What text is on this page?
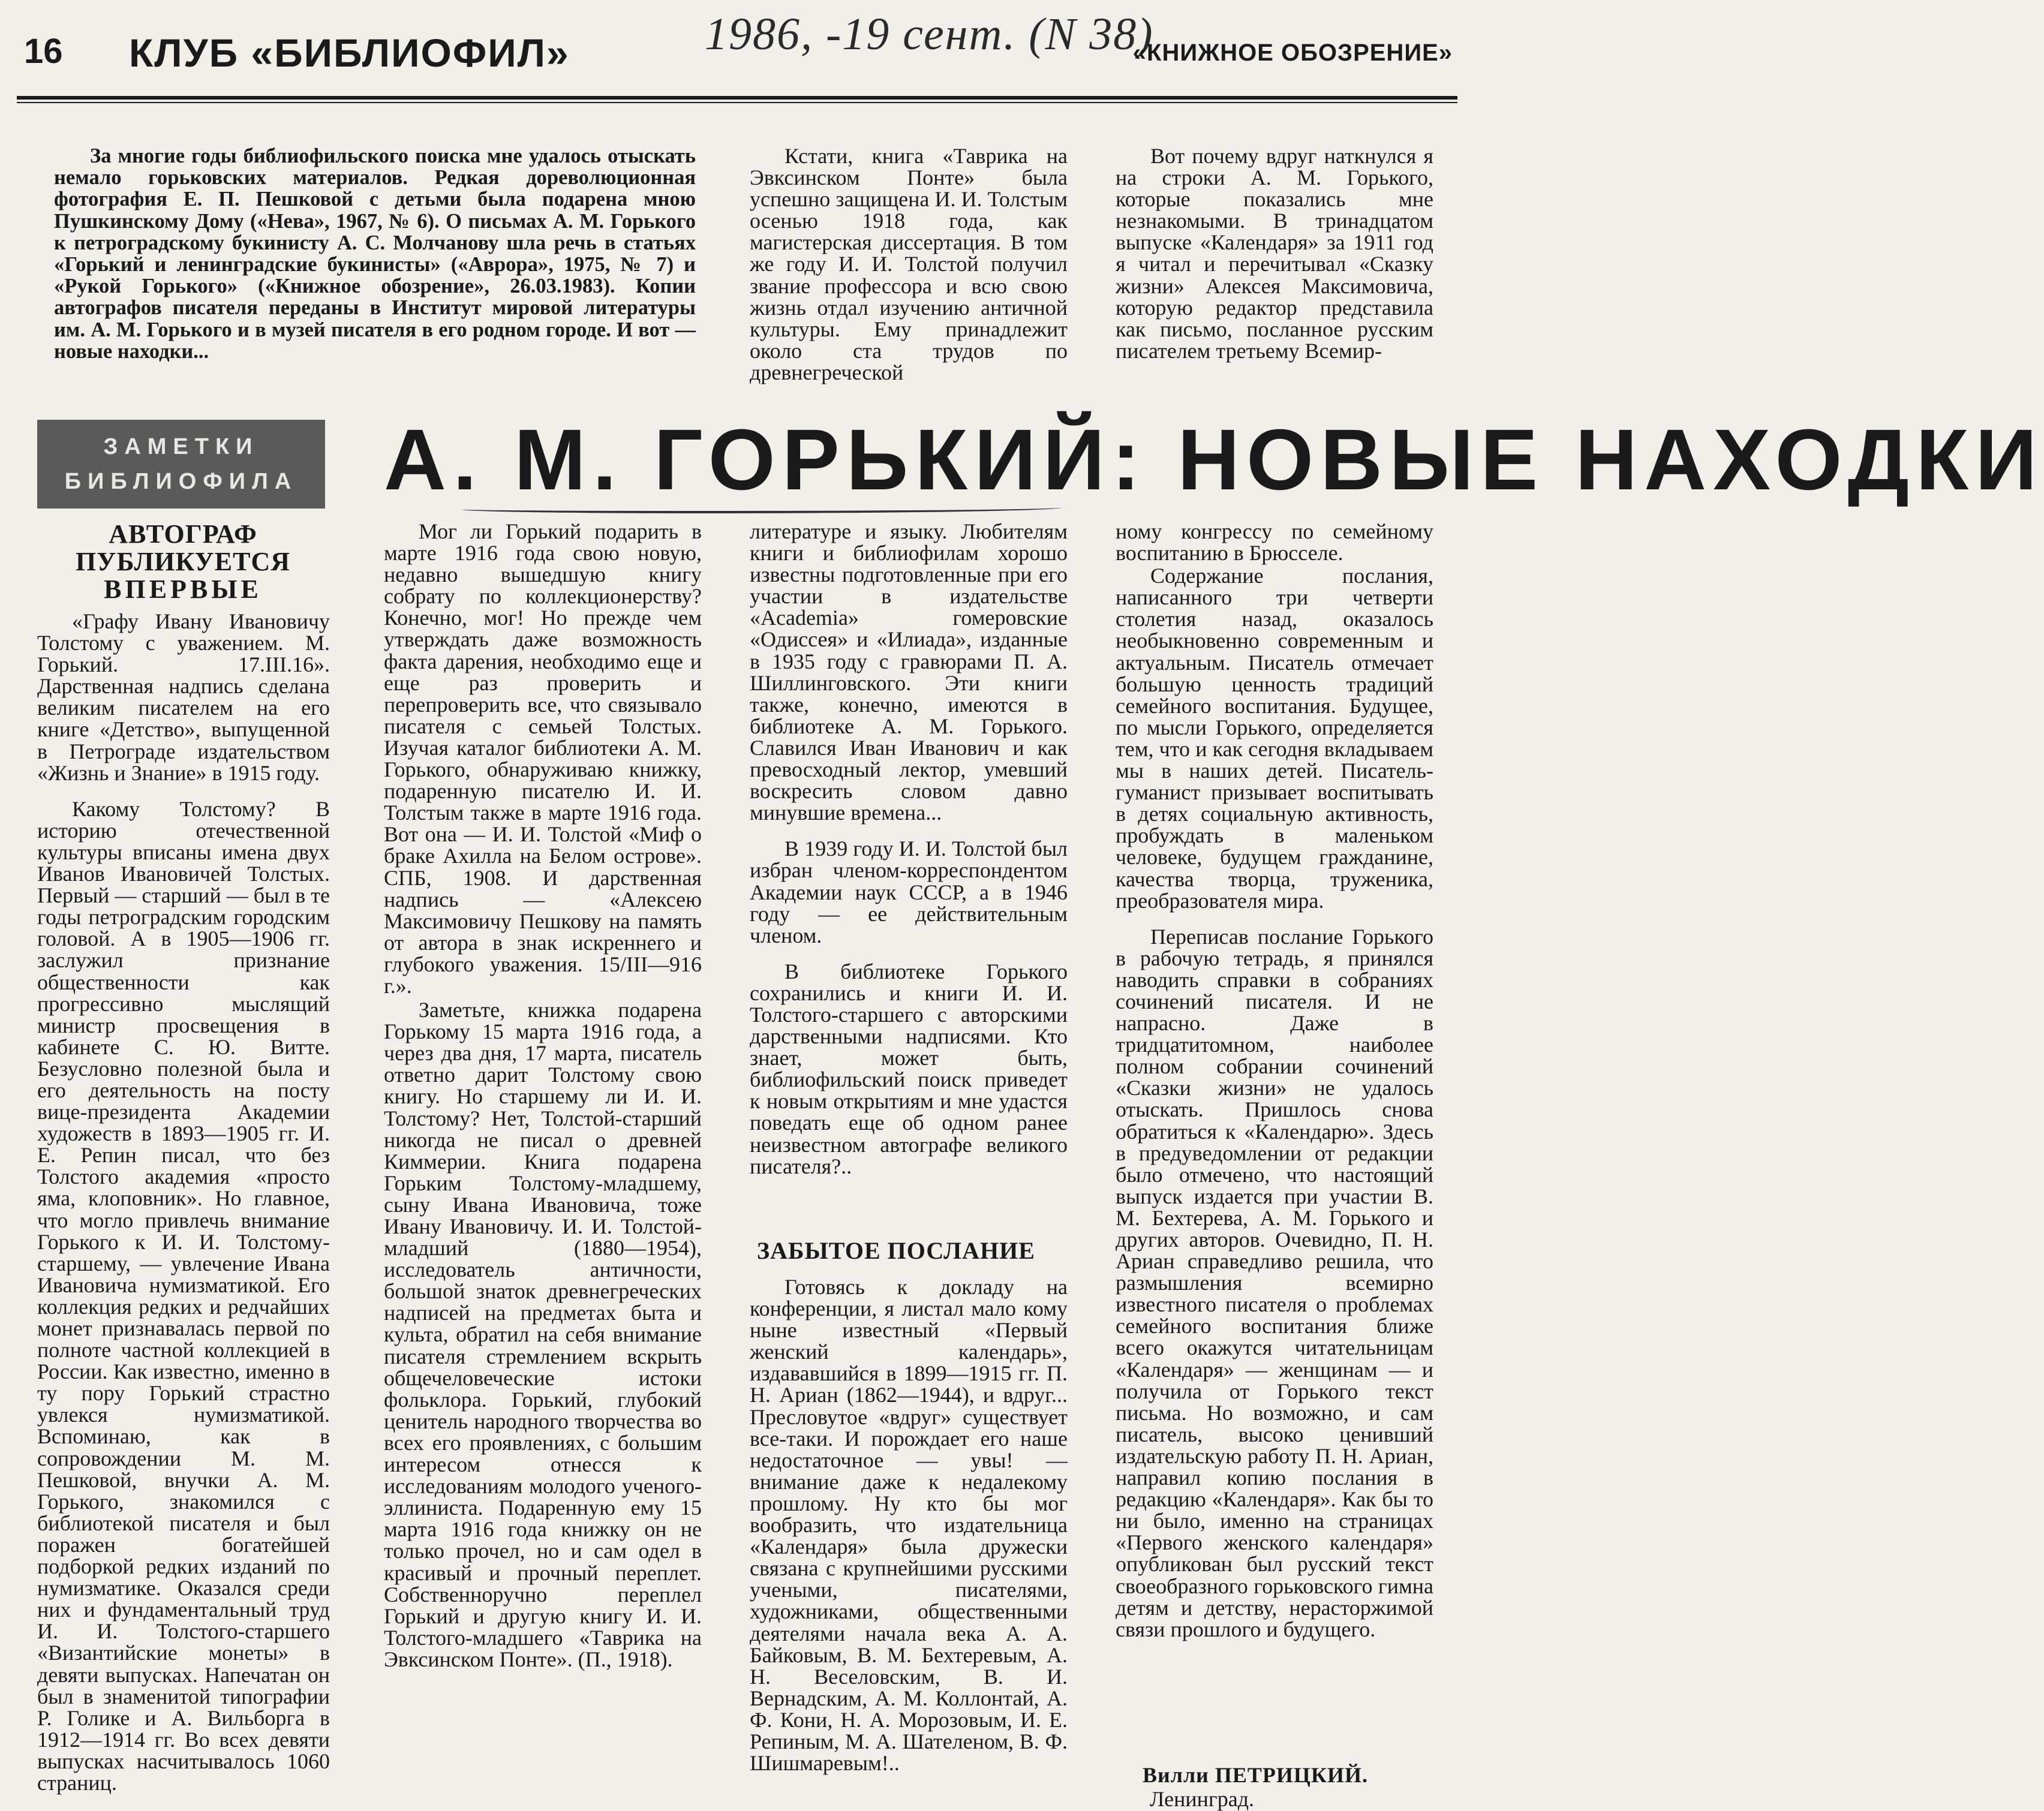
16 КЛУБ «БИБЛИОФИЛ»	1986, -19 сент. (N 38)
«КНИЖНОЕ ОБОЗРЕНИЕ»

За многие годы библиофильского поиска мне удалось отыскать немало горьковских материалов. Редкая дореволюционная фотография Е. П. Пешковой с детьми была подарена мною Пушкинскому Дому («Нева», 1967, № 6). О письмах А. М. Горького к петроградскому букинисту А. С. Молчанову шла речь в статьях «Горький и ленинградские букинисты» («Аврора», 1975, № 7) и «Рукой Горького» («Книжное обозрение», 26.03.1983). Копии автографов писателя переданы в Институт мировой литературы им. А. М. Горького и в музей писателя в его родном городе. И вот — новые находки...

Кстати, книга «Таврика на Эвксинском Понте» была успешно защищена И. И. Толстым осенью 1918 года, как магистерская диссертация. В том же году И. И. Толстой получил звание профессора и всю свою жизнь отдал изучению античной культуры. Ему принадлежит около ста трудов по древнегреческой

Вот почему вдруг наткнулся я на строки А. М. Горького, которые показались мне незнакомыми. В тринадцатом выпуске «Календаря» за 1911 год я читал и перечитывал «Сказку жизни» Алексея Максимовича, которую редактор представила как письмо, посланное русским писателем третьему Всемир-

ЗАМЕТКИ
БИБЛИОФИЛА А. М. ГОРЬКИЙ: НОВЫЕ НАХОДКИ
АВТОГРАФ
ПУБЛИКУЕТСЯ
ВПЕРВЫЕ

«Графу Ивану Ивановичу Толстому с уважением. М. Горький. 17.III.16». Дарственная надпись сделана великим писателем на его книге «Детство», выпущенной в Петрограде издательством «Жизнь и Знание» в 1915 году.

Какому Толстому? В историю отечественной культуры вписаны имена двух Иванов Ивановичей Толстых. Первый — старший — был в те годы петроградским городским головой. А в 1905—1906 гг. заслужил признание общественности как прогрессивно мыслящий министр просвещения в кабинете С. Ю. Витте. Безусловно полезной была и его деятельность на посту вице-президента Академии художеств в 1893—1905 гг. И. Е. Репин писал, что без Толстого академия «просто яма, клоповник». Но главное, что могло привлечь внимание Горького к И. И. Толстому-старшему, — увлечение Ивана Ивановича нумизматикой. Его коллекция редких и редчайших монет признавалась первой по полноте частной коллекцией в России. Как известно, именно в ту пору Горький страстно увлекся нумизматикой. Вспоминаю, как в сопровождении М. М. Пешковой, внучки А. М. Горького, знакомился с библиотекой писателя и был поражен богатейшей подборкой редких изданий по нумизматике. Оказался среди них и фундаментальный труд И. И. Толстого-старшего «Византийские монеты» в девяти выпусках. Напечатан он был в знаменитой типографии Р. Голике и А. Вильборга в 1912—1914 гг. Во всех девяти выпусках насчитывалось 1060 страниц.

Мог ли Горький подарить в марте 1916 года свою новую, недавно вышедшую книгу собрату по коллекционерству? Конечно, мог! Но прежде чем утверждать даже возможность факта дарения, необходимо еще и еще раз проверить и перепроверить все, что связывало писателя с семьей Толстых. Изучая каталог библиотеки А. М. Горького, обнаруживаю книжку, подаренную писателю И. И. Толстым также в марте 1916 года. Вот она — И. И. Толстой «Миф о браке Ахилла на Белом острове». СПБ, 1908. И дарственная надпись — «Алексею Максимовичу Пешкову на память от автора в знак искреннего и глубокого уважения. 15/III—916 г.».

Заметьте, книжка подарена Горькому 15 марта 1916 года, а через два дня, 17 марта, писатель ответно дарит Толстому свою книгу. Но старшему ли И. И. Толстому? Нет, Толстой-старший никогда не писал о древней Киммерии. Книга подарена Горьким Толстому-младшему, сыну Ивана Ивановича, тоже Ивану Ивановичу. И. И. Толстой-младший (1880—1954), исследователь античности, большой знаток древнегреческих надписей на предметах быта и культа, обратил на себя внимание писателя стремлением вскрыть общечеловеческие истоки фольклора. Горький, глубокий ценитель народного творчества во всех его проявлениях, с большим интересом отнесся к исследованиям молодого ученого-эллиниста. Подаренную ему 15 марта 1916 года книжку он не только прочел, но и сам одел в красивый и прочный переплет. Собственноручно переплел Горький и другую книгу И. И. Толстого-младшего «Таврика на Эвксинском Понте». (П., 1918).

литературе и языку. Любителям книги и библиофилам хорошо известны подготовленные при его участии в издательстве «Academia» гомеровские «Одиссея» и «Илиада», изданные в 1935 году с гравюрами П. А. Шиллинговского. Эти книги также, конечно, имеются в библиотеке А. М. Горького. Славился Иван Иванович и как превосходный лектор, умевший воскресить словом давно минувшие времена...

В 1939 году И. И. Толстой был избран членом-корреспондентом Академии наук СССР, а в 1946 году — ее действительным членом.

В библиотеке Горького сохранились и книги И. И. Толстого-старшего с авторскими дарственными надписями. Кто знает, может быть, библиофильский поиск приведет к новым открытиям и мне удастся поведать еще об одном ранее неизвестном автографе великого писателя?..

ЗАБЫТОЕ ПОСЛАНИЕ

Готовясь к докладу на конференции, я листал мало кому ныне известный «Первый женский календарь», издававшийся в 1899—1915 гг. П. Н. Ариан (1862—1944), и вдруг... Пресловутое «вдруг» существует все-таки. И порождает его наше недостаточное — увы! — внимание даже к недалекому прошлому. Ну кто бы мог вообразить, что издательница «Календаря» была дружески связана с крупнейшими русскими учеными, писателями, художниками, общественными деятелями начала века А. А. Байковым, В. М. Бехтеревым, А. Н. Веселовским, В. И. Вернадским, А. М. Коллонтай, А. Ф. Кони, Н. А. Морозовым, И. Е. Репиным, М. А. Шателеном, В. Ф. Шишмаревым!..

ному конгрессу по семейному воспитанию в Брюсселе.

Содержание послания, написанного три четверти столетия назад, оказалось необыкновенно современным и актуальным. Писатель отмечает большую ценность традиций семейного воспитания. Будущее, по мысли Горького, определяется тем, что и как сегодня вкладываем мы в наших детей. Писатель-гуманист призывает воспитывать в детях социальную активность, пробуждать в маленьком человеке, будущем гражданине, качества творца, труженика, преобразователя мира.

Переписав послание Горького в рабочую тетрадь, я принялся наводить справки в собраниях сочинений писателя. И не напрасно. Даже в тридцатитомном, наиболее полном собрании сочинений «Сказки жизни» не удалось отыскать. Пришлось снова обратиться к «Календарю». Здесь в предуведомлении от редакции было отмечено, что настоящий выпуск издается при участии В. М. Бехтерева, А. М. Горького и других авторов. Очевидно, П. Н. Ариан справедливо решила, что размышления всемирно известного писателя о проблемах семейного воспитания ближе всего окажутся читательницам «Календаря» — женщинам — и получила от Горького текст письма. Но возможно, и сам писатель, высоко ценивший издательскую работу П. Н. Ариан, направил копию послания в редакцию «Календаря». Как бы то ни было, именно на страницах «Первого женского календаря» опубликован был русский текст своеобразного горьковского гимна детям и детству, нерасторжимой связи прошлого и будущего.

Вилли ПЕТРИЦКИЙ.
Ленинград.
